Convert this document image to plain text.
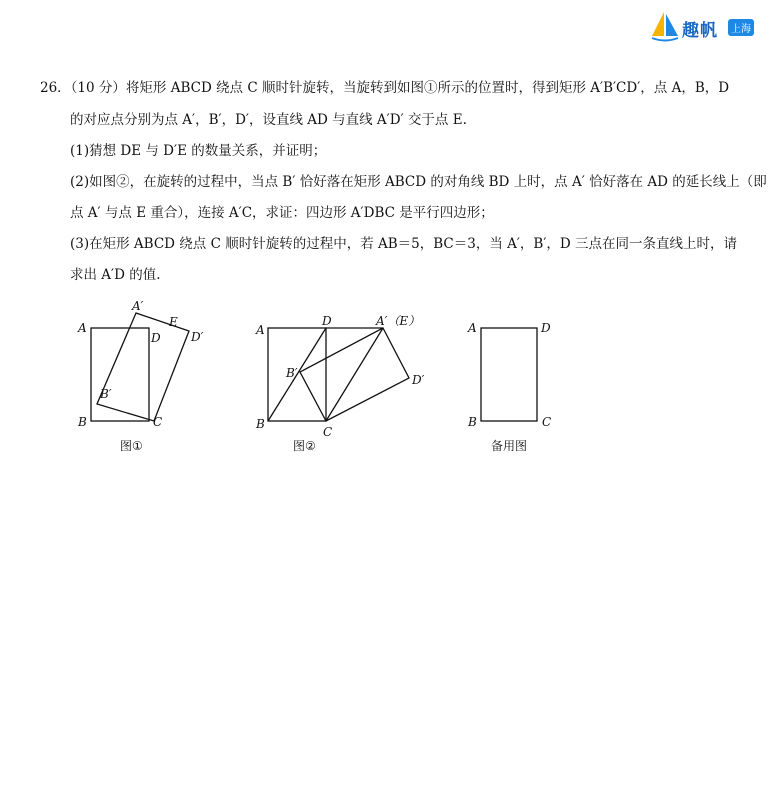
趣帆	上海
26．（10 分）将矩形 ABCD 绕点 C 顺时针旋转，当旋转到如图①所示的位置时，得到矩形 A′B′CD′，点 A，B，D
的对应点分别为点 A′，B′，D′，设直线 AD 与直线 A′D′ 交于点 E.
(1)猜想 DE 与 D′E 的数量关系，并证明；
(2)如图②，在旋转的过程中，当点 B′ 恰好落在矩形 ABCD 的对角线 BD 上时，点 A′ 恰好落在 AD 的延长线上（即
点 A′ 与点 E 重合），连接 A′C，求证：四边形 A′DBC 是平行四边形；
(3)在矩形 ABCD 绕点 C 顺时针旋转的过程中，若 AB＝5，BC＝3，当 A′，B′，D 三点在同一条直线上时，请
求出 A′D 的值.
A
B	C
D
A′
B′
D′
E
图①
A
B
C
D	A′（E）
B′	D′
图②
A
B	C
D
备用图
